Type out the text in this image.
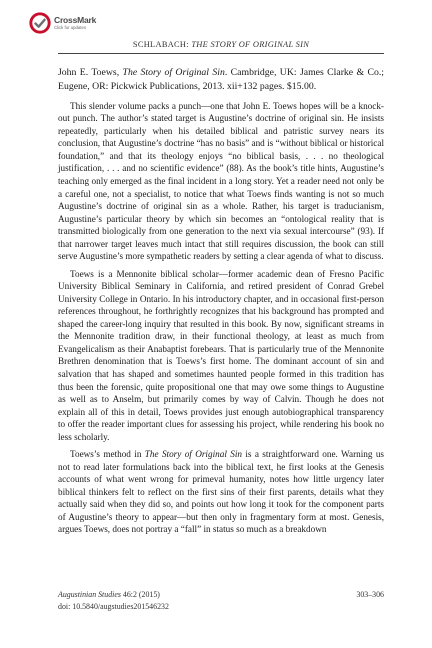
CrossMark
Click for updates
SCHLABACH: THE STORY OF ORIGINAL SIN

John E. Toews, The Story of Original Sin. Cambridge, UK: James Clarke & Co.; Eugene, OR: Pickwick Publications, 2013. xii+132 pages. $15.00.

This slender volume packs a punch—one that John E. Toews hopes will be a knock-out punch. The author’s stated target is Augustine’s doctrine of original sin. He insists repeatedly, particularly when his detailed biblical and patristic survey nears its conclusion, that Augustine’s doctrine “has no basis” and is “without biblical or historical foundation,” and that its theology enjoys “no biblical basis, . . . no theological justification, . . . and no scientific evidence” (88). As the book’s title hints, Augustine’s teaching only emerged as the final incident in a long story. Yet a reader need not only be a careful one, not a specialist, to notice that what Toews finds wanting is not so much Augustine’s doctrine of original sin as a whole. Rather, his target is traducianism, Augustine’s particular theory by which sin becomes an “ontological reality that is transmitted biologically from one generation to the next via sexual intercourse” (93). If that narrower target leaves much intact that still requires discussion, the book can still serve Augustine’s more sympathetic readers by setting a clear agenda of what to discuss.

Toews is a Mennonite biblical scholar—former academic dean of Fresno Pacific University Biblical Seminary in California, and retired president of Conrad Grebel University College in Ontario. In his introductory chapter, and in occasional first-person references throughout, he forthrightly recognizes that his background has prompted and shaped the career-long inquiry that resulted in this book. By now, significant streams in the Mennonite tradition draw, in their functional theology, at least as much from Evangelicalism as their Anabaptist forebears. That is particularly true of the Mennonite Brethren denomination that is Toews’s first home. The dominant account of sin and salvation that has shaped and sometimes haunted people formed in this tradition has thus been the forensic, quite propositional one that may owe some things to Augustine as well as to Anselm, but primarily comes by way of Calvin. Though he does not explain all of this in detail, Toews provides just enough autobiographical transparency to offer the reader important clues for assessing his project, while rendering his book no less scholarly.

Toews’s method in The Story of Original Sin is a straightforward one. Warning us not to read later formulations back into the biblical text, he first looks at the Genesis accounts of what went wrong for primeval humanity, notes how little urgency later biblical thinkers felt to reflect on the first sins of their first parents, details what they actually said when they did so, and points out how long it took for the component parts of Augustine’s theory to appear—but then only in fragmentary form at most. Genesis, argues Toews, does not portray a “fall” in status so much as a breakdown

Augustinian Studies 46:2 (2015)	303–306
doi: 10.5840/augstudies201546232
